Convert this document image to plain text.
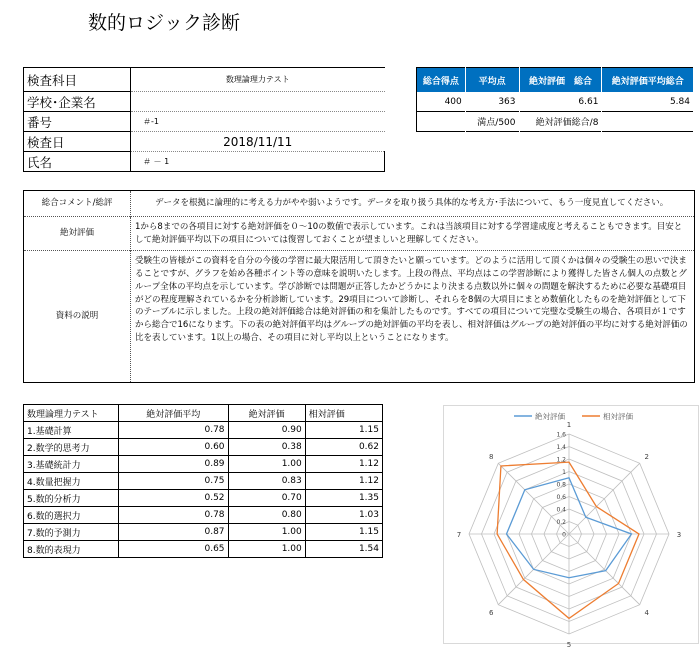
数的ロジック診断
検査科目	数理論理力テスト
学校･企業名	
番号	＃-1
検査日	2018/11/11
氏名	＃ － 1
総合得点	平均点	絶対評価　総合	絶対評価平均総合
400	363	6.61	5.84
	満点/500	絶対評価総合/8	
総合コメント/総評	データを根拠に論理的に考える力がやや弱いようです。データを取り扱う具体的な考え方･手法について、もう一度見直してください。
絶対評価	1から8までの各項目に対する絶対評価を０～10の数値で表示しています。これは当該項目に対する学習達成度と考えることもできます。目安として絶対評価平均以下の項目については復習しておくことが望ましいと理解してください。
資料の説明	受験生の皆様がこの資料を自分の今後の学習に最大限活用して頂きたいと願っています。どのように活用して頂くかは個々の受験生の思いで決まることですが、グラフを始め各種ポイント等の意味を説明いたします。上段の得点、平均点はこの学習診断により獲得した皆さん個人の点数とグループ全体の平均点を示しています。学び診断では問題が正答したかどうかにより決まる点数以外に個々の問題を解決するために必要な基礎項目がどの程度理解されているかを分析診断しています。29項目について診断し、それらを8個の大項目にまとめ数値化したものを絶対評価として下のテーブルに示しました。上段の絶対評価総合は絶対評価の和を集計したものです。すべての項目について完璧な受験生の場合、各項目が１ですから総合で16になります。下の表の絶対評価平均はグループの絶対評価の平均を表し、相対評価はグループの絶対評価の平均に対する絶対評価の比を表しています。1以上の場合、その項目に対し平均以上ということになります。
数理論理力テスト	絶対評価平均	絶対評価	相対評価
1.基礎計算	0.78	0.90	1.15
2.数学的思考力	0.60	0.38	0.62
3.基礎統計力	0.89	1.00	1.12
4.数量把握力	0.75	0.83	1.12
5.数的分析力	0.52	0.70	1.35
6.数的選択力	0.78	0.80	1.03
7.数的予測力	0.87	1.00	1.15
8.数的表現力	0.65	1.00	1.54
1
2
3
4
5
6
7
8
0
0.2
0.4
0.6
0.8
1
1.2
1.4
1.6
絶対評価	相対評価
